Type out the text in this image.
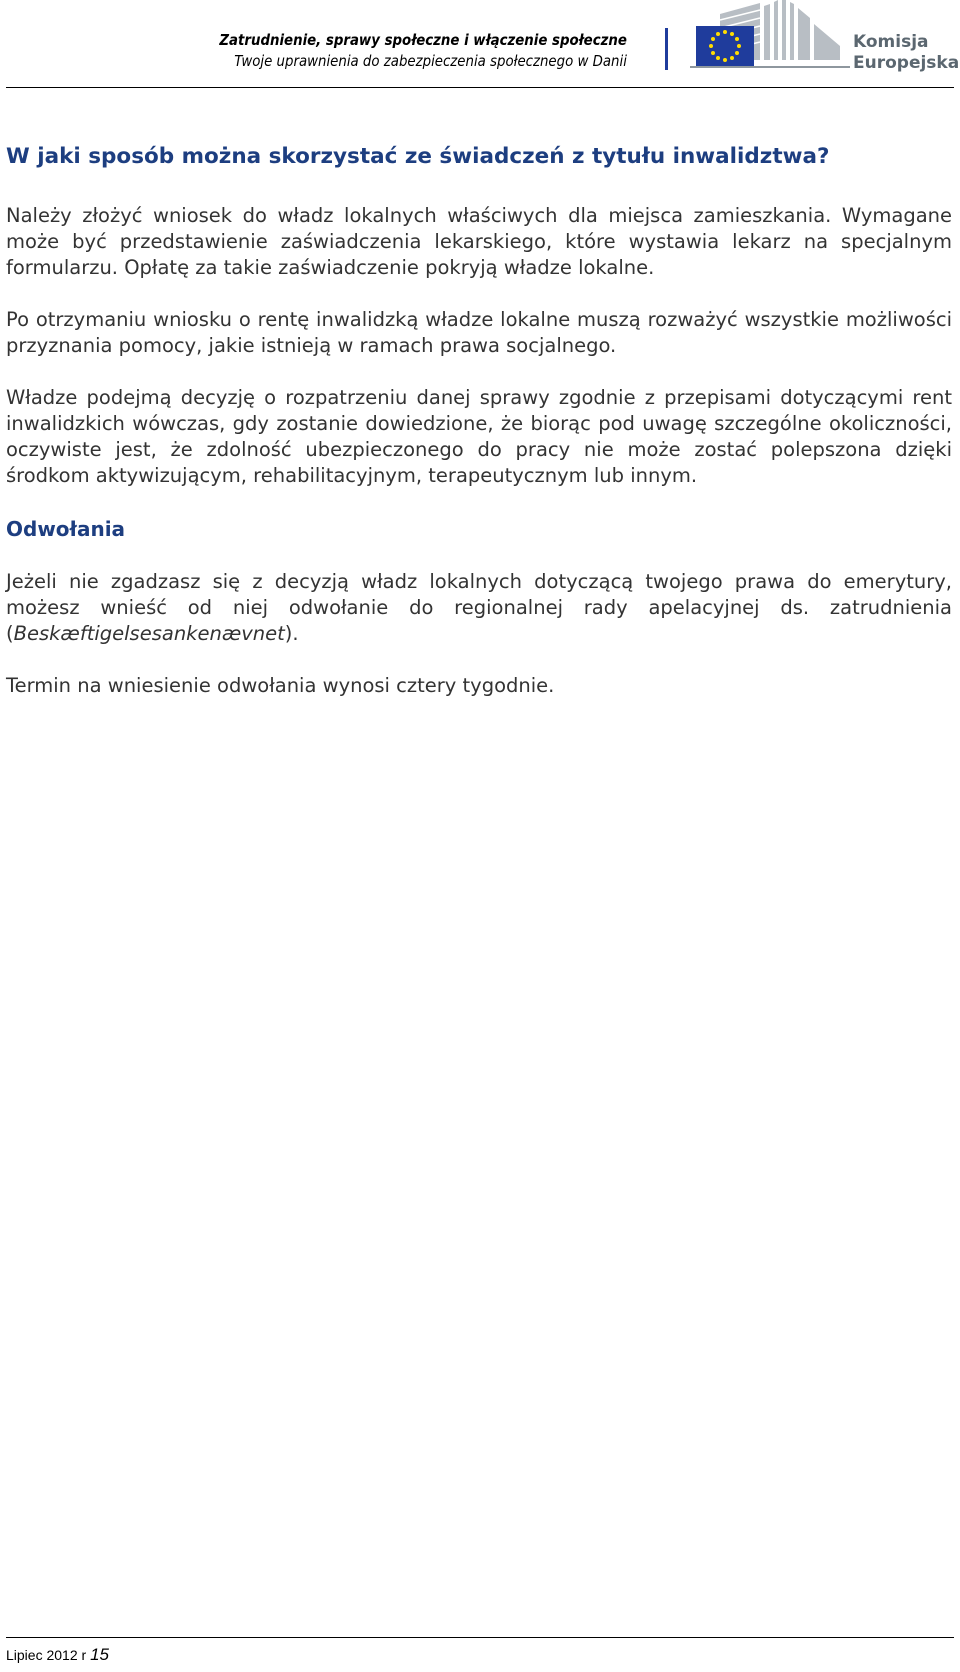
Zatrudnienie, sprawy społeczne i włączenie społeczne
Twoje uprawnienia do zabezpieczenia społecznego w Danii
Komisja
Europejska
W jaki sposób można skorzystać ze świadczeń z tytułu inwalidztwa?

Należy złożyć wniosek do władz lokalnych właściwych dla miejsca zamieszkania. Wymagane może być przedstawienie zaświadczenia lekarskiego, które wystawia lekarz na specjalnym formularzu. Opłatę za takie zaświadczenie pokryją władze lokalne.

Po otrzymaniu wniosku o rentę inwalidzką władze lokalne muszą rozważyć wszystkie możliwości przyznania pomocy, jakie istnieją w ramach prawa socjalnego.

Władze podejmą decyzję o rozpatrzeniu danej sprawy zgodnie z przepisami dotyczącymi rent inwalidzkich wówczas, gdy zostanie dowiedzione, że biorąc pod uwagę szczególne okoliczności, oczywiste jest, że zdolność ubezpieczonego do pracy nie może zostać polepszona dzięki środkom aktywizującym, rehabilitacyjnym, terapeutycznym lub innym.

Odwołania

Jeżeli nie zgadzasz się z decyzją władz lokalnych dotyczącą twojego prawa do emerytury, możesz wnieść od niej odwołanie do regionalnej rady apelacyjnej ds. zatrudnienia (Beskæftigelsesankenævnet).

Termin na wniesienie odwołania wynosi cztery tygodnie.

Lipiec 2012 r 15
